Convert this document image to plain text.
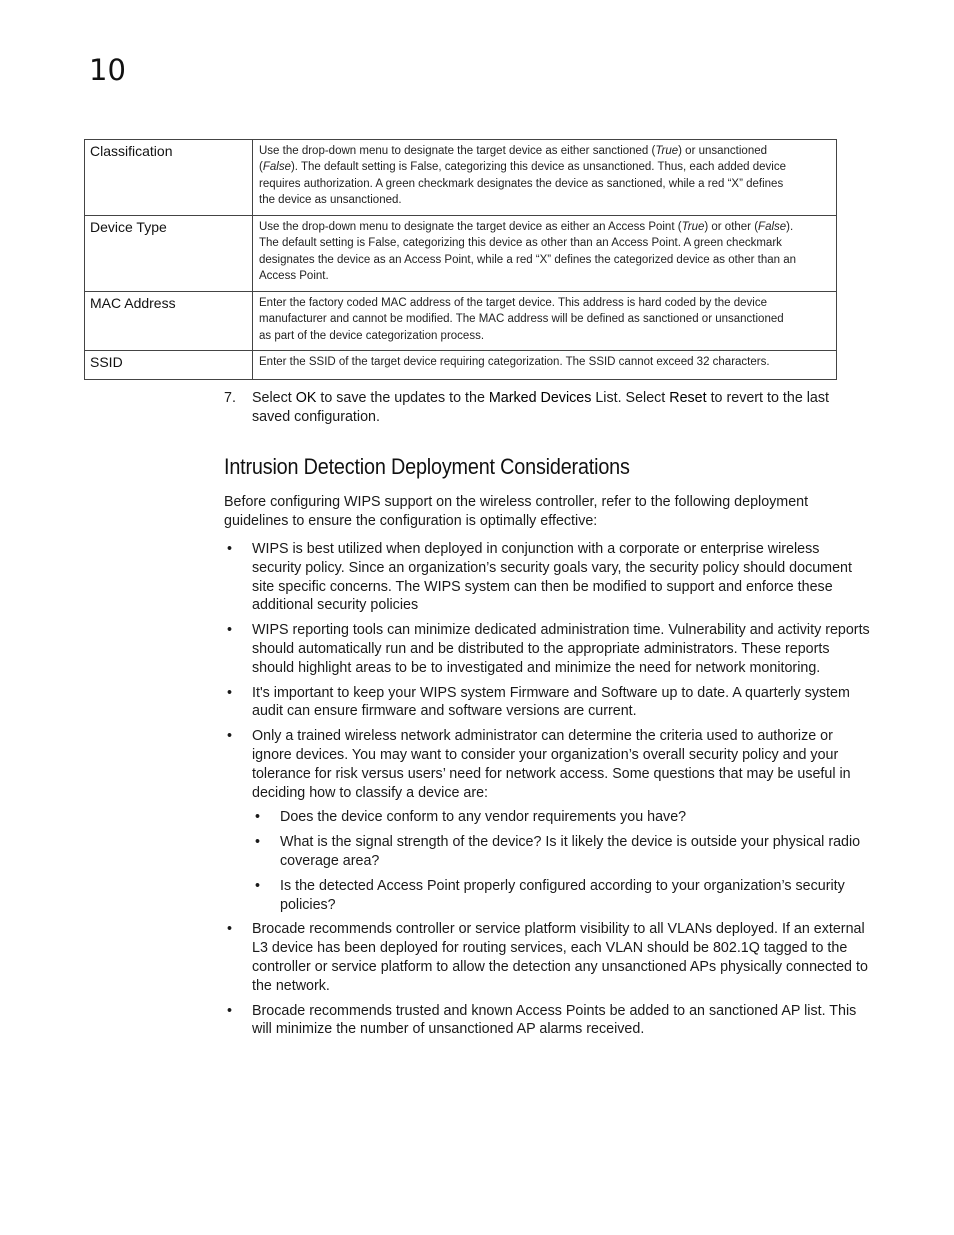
10
Classification	Use the drop-down menu to designate the target device as either sanctioned (True) or unsanctioned
(False). The default setting is False, categorizing this device as unsanctioned. Thus, each added device
requires authorization. A green checkmark designates the device as sanctioned, while a red “X” defines
the device as unsanctioned.

Device Type	Use the drop-down menu to designate the target device as either an Access Point (True) or other (False).
The default setting is False, categorizing this device as other than an Access Point. A green checkmark
designates the device as an Access Point, while a red “X” defines the categorized device as other than an
Access Point.

MAC Address	Enter the factory coded MAC address of the target device. This address is hard coded by the device
manufacturer and cannot be modified. The MAC address will be defined as sanctioned or unsanctioned
as part of the device categorization process.

SSID	Enter the SSID of the target device requiring categorization. The SSID cannot exceed 32 characters.
7. Select OK to save the updates to the Marked Devices List. Select Reset to revert to the last saved configuration.
Intrusion Detection Deployment Considerations

Before configuring WIPS support on the wireless controller, refer to the following deployment guidelines to ensure the configuration is optimally effective:

• WIPS is best utilized when deployed in conjunction with a corporate or enterprise wireless security policy. Since an organization’s security goals vary, the security policy should document site specific concerns. The WIPS system can then be modified to support and enforce these additional security policies
• WIPS reporting tools can minimize dedicated administration time. Vulnerability and activity reports should automatically run and be distributed to the appropriate administrators. These reports should highlight areas to be to investigated and minimize the need for network monitoring.
• It's important to keep your WIPS system Firmware and Software up to date. A quarterly system audit can ensure firmware and software versions are current.
• Only a trained wireless network administrator can determine the criteria used to authorize or ignore devices. You may want to consider your organization’s overall security policy and your tolerance for risk versus users’ need for network access. Some questions that may be useful in deciding how to classify a device are:
• Does the device conform to any vendor requirements you have?
• What is the signal strength of the device? Is it likely the device is outside your physical radio coverage area?
• Is the detected Access Point properly configured according to your organization’s security policies?
• Brocade recommends controller or service platform visibility to all VLANs deployed. If an external L3 device has been deployed for routing services, each VLAN should be 802.1Q tagged to the controller or service platform to allow the detection any unsanctioned APs physically connected to the network.
• Brocade recommends trusted and known Access Points be added to an sanctioned AP list. This will minimize the number of unsanctioned AP alarms received.
